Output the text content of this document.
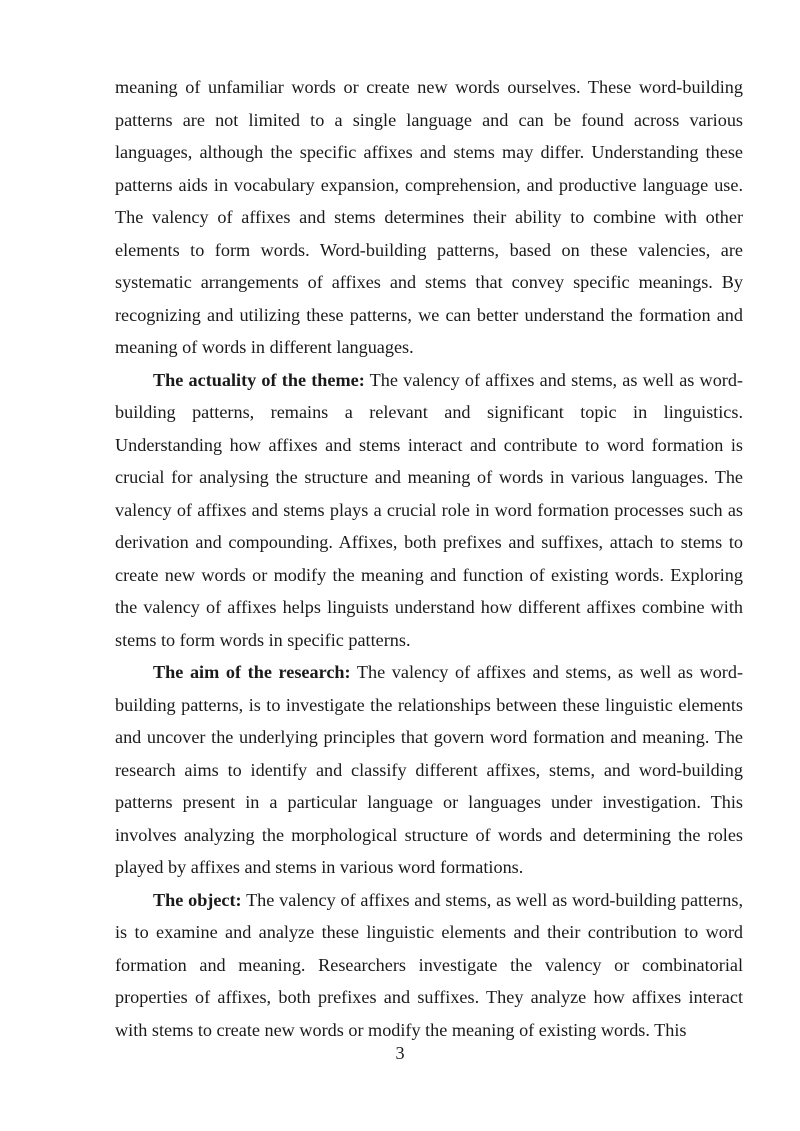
meaning of unfamiliar words or create new words ourselves. These word-building patterns are not limited to a single language and can be found across various languages, although the specific affixes and stems may differ. Understanding these patterns aids in vocabulary expansion, comprehension, and productive language use. The valency of affixes and stems determines their ability to combine with other elements to form words. Word-building patterns, based on these valencies, are systematic arrangements of affixes and stems that convey specific meanings. By recognizing and utilizing these patterns, we can better understand the formation and meaning of words in different languages.

The actuality of the theme: The valency of affixes and stems, as well as word-building patterns, remains a relevant and significant topic in linguistics. Understanding how affixes and stems interact and contribute to word formation is crucial for analysing the structure and meaning of words in various languages. The valency of affixes and stems plays a crucial role in word formation processes such as derivation and compounding. Affixes, both prefixes and suffixes, attach to stems to create new words or modify the meaning and function of existing words. Exploring the valency of affixes helps linguists understand how different affixes combine with stems to form words in specific patterns.

The aim of the research: The valency of affixes and stems, as well as word-building patterns, is to investigate the relationships between these linguistic elements and uncover the underlying principles that govern word formation and meaning. The research aims to identify and classify different affixes, stems, and word-building patterns present in a particular language or languages under investigation. This involves analyzing the morphological structure of words and determining the roles played by affixes and stems in various word formations.

The object: The valency of affixes and stems, as well as word-building patterns, is to examine and analyze these linguistic elements and their contribution to word formation and meaning. Researchers investigate the valency or combinatorial properties of affixes, both prefixes and suffixes. They analyze how affixes interact with stems to create new words or modify the meaning of existing words. This

3
